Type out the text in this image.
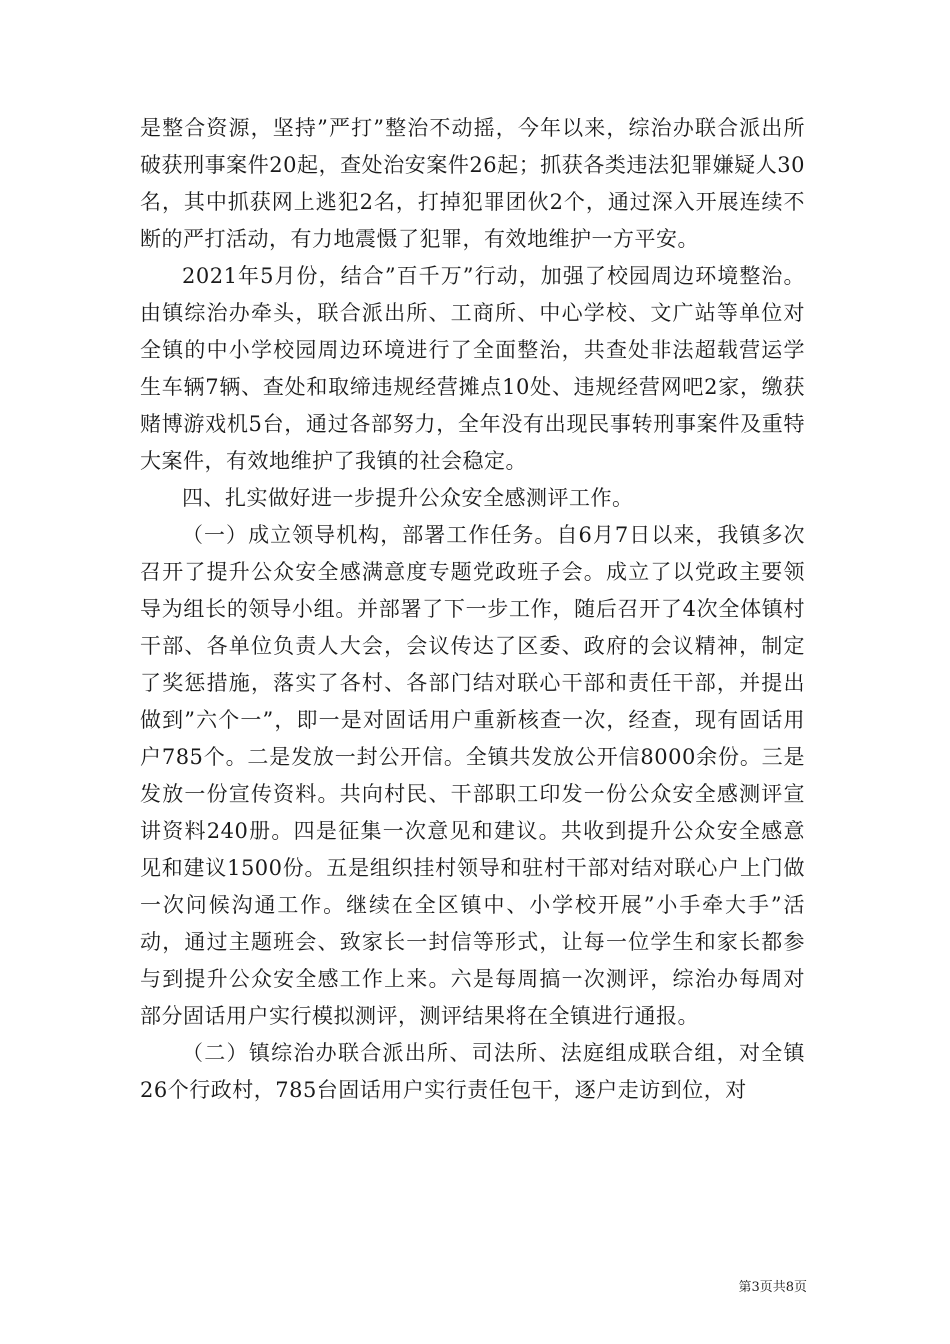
是整合资源，坚持”严打”整治不动摇，今年以来，综治办联合派出所破获刑事案件20起，查处治安案件26起；抓获各类违法犯罪嫌疑人30名，其中抓获网上逃犯2名，打掉犯罪团伙2个，通过深入开展连续不断的严打活动，有力地震慑了犯罪，有效地维护一方平安。

2021年5月份，结合”百千万”行动，加强了校园周边环境整治。由镇综治办牵头，联合派出所、工商所、中心学校、文广站等单位对全镇的中小学校园周边环境进行了全面整治，共查处非法超载营运学生车辆7辆、查处和取缔违规经营摊点10处、违规经营网吧2家，缴获赌博游戏机5台，通过各部努力，全年没有出现民事转刑事案件及重特大案件，有效地维护了我镇的社会稳定。

四、扎实做好进一步提升公众安全感测评工作。

（一）成立领导机构，部署工作任务。自6月7日以来，我镇多次召开了提升公众安全感满意度专题党政班子会。成立了以党政主要领导为组长的领导小组。并部署了下一步工作，随后召开了4次全体镇村干部、各单位负责人大会，会议传达了区委、政府的会议精神，制定了奖惩措施，落实了各村、各部门结对联心干部和责任干部，并提出做到”六个一”，即一是对固话用户重新核查一次，经查，现有固话用户785个。二是发放一封公开信。全镇共发放公开信8000余份。三是发放一份宣传资料。共向村民、干部职工印发一份公众安全感测评宣讲资料240册。四是征集一次意见和建议。共收到提升公众安全感意见和建议1500份。五是组织挂村领导和驻村干部对结对联心户上门做一次问候沟通工作。继续在全区镇中、小学校开展”小手牵大手”活动，通过主题班会、致家长一封信等形式，让每一位学生和家长都参与到提升公众安全感工作上来。六是每周搞一次测评，综治办每周对部分固话用户实行模拟测评，测评结果将在全镇进行通报。

（二）镇综治办联合派出所、司法所、法庭组成联合组，对全镇26个行政村，785台固话用户实行责任包干，逐户走访到位，对

第3页共8页
